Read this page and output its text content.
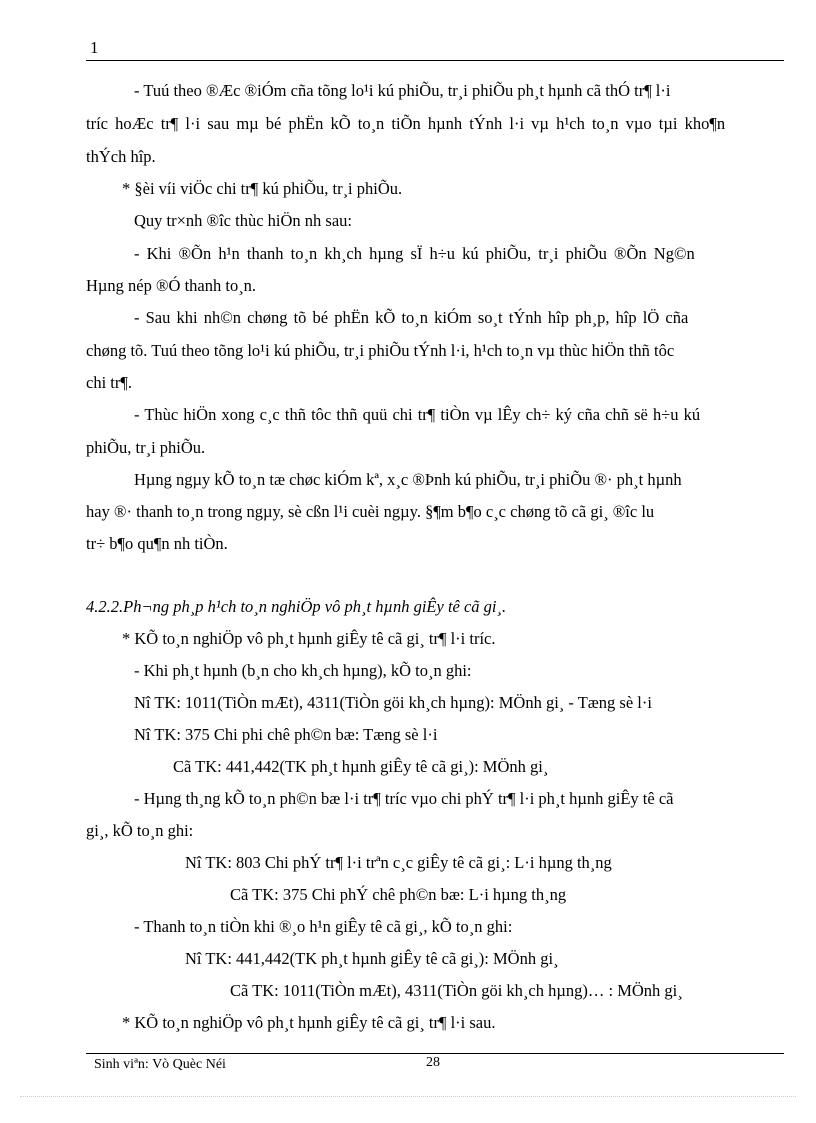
1
- Tuú theo ®Æc ®iÓm cña tõng lo¹i kú phiÕu, tr¸i phiÕu ph¸t hµnh cã thÓ tr¶ l·i
tríc hoÆc tr¶ l·i sau mµ bé phËn kÕ to¸n tiÕn hµnh tÝnh l·i vµ h¹ch to¸n vµo tµi kho¶n
thÝch hîp.
* §èi víi viÖc chi tr¶ kú phiÕu, tr¸i phiÕu.
Quy tr×nh ®îc thùc hiÖn nh sau:
- Khi ®Õn h¹n thanh to¸n kh¸ch hµng sÏ h÷u kú phiÕu, tr¸i phiÕu ®Õn Ng©n
Hµng nép ®Ó thanh to¸n.
- Sau khi nh©n chøng tõ bé phËn kÕ to¸n kiÓm so¸t tÝnh hîp ph¸p, hîp lÖ cña
chøng tõ. Tuú theo tõng lo¹i kú phiÕu, tr¸i phiÕu tÝnh l·i, h¹ch to¸n vµ thùc hiÖn thñ tôc
chi tr¶.
- Thùc hiÖn xong c¸c thñ tôc thñ quü chi tr¶ tiÒn vµ lÊy ch÷ ký cña chñ së h÷u kú
phiÕu, tr¸i phiÕu.
Hµng ngµy kÕ to¸n tæ chøc kiÓm kª, x¸c ®Þnh kú phiÕu, tr¸i phiÕu ®· ph¸t hµnh
hay ®· thanh to¸n trong ngµy, sè cßn l¹i cuèi ngµy. §¶m b¶o c¸c chøng tõ cã gi¸ ®îc lu
tr÷ b¶o qu¶n nh tiÒn.
4.2.2.Ph¬ng ph¸p h¹ch to¸n nghiÖp vô ph¸t hµnh giÊy tê cã gi¸.
* KÕ to¸n nghiÖp vô ph¸t hµnh giÊy tê cã gi¸ tr¶ l·i tríc.
- Khi ph¸t hµnh (b¸n cho kh¸ch hµng), kÕ to¸n ghi:
Nî TK: 1011(TiÒn mÆt), 4311(TiÒn göi kh¸ch hµng): MÖnh gi¸ - Tæng sè l·i
Nî TK: 375 Chi phi chê ph©n bæ: Tæng sè l·i
Cã TK: 441,442(TK ph¸t hµnh giÊy tê cã gi¸): MÖnh gi¸
- Hµng th¸ng kÕ to¸n ph©n bæ l·i tr¶ tríc vµo chi phÝ tr¶ l·i ph¸t hµnh giÊy tê cã
gi¸, kÕ to¸n ghi:
Nî TK: 803 Chi phÝ tr¶ l·i trªn c¸c giÊy tê cã gi¸: L·i hµng th¸ng
Cã TK: 375 Chi phÝ chê ph©n bæ: L·i hµng th¸ng
- Thanh to¸n tiÒn khi ®¸o h¹n giÊy tê cã gi¸, kÕ to¸n ghi:
Nî TK: 441,442(TK ph¸t hµnh giÊy tê cã gi¸): MÖnh gi¸
Cã TK: 1011(TiÒn mÆt), 4311(TiÒn göi kh¸ch hµng)… : MÖnh gi¸
* KÕ to¸n nghiÖp vô ph¸t hµnh giÊy tê cã gi¸ tr¶ l·i sau.
Sinh viªn: Vò Quèc Néi	28
